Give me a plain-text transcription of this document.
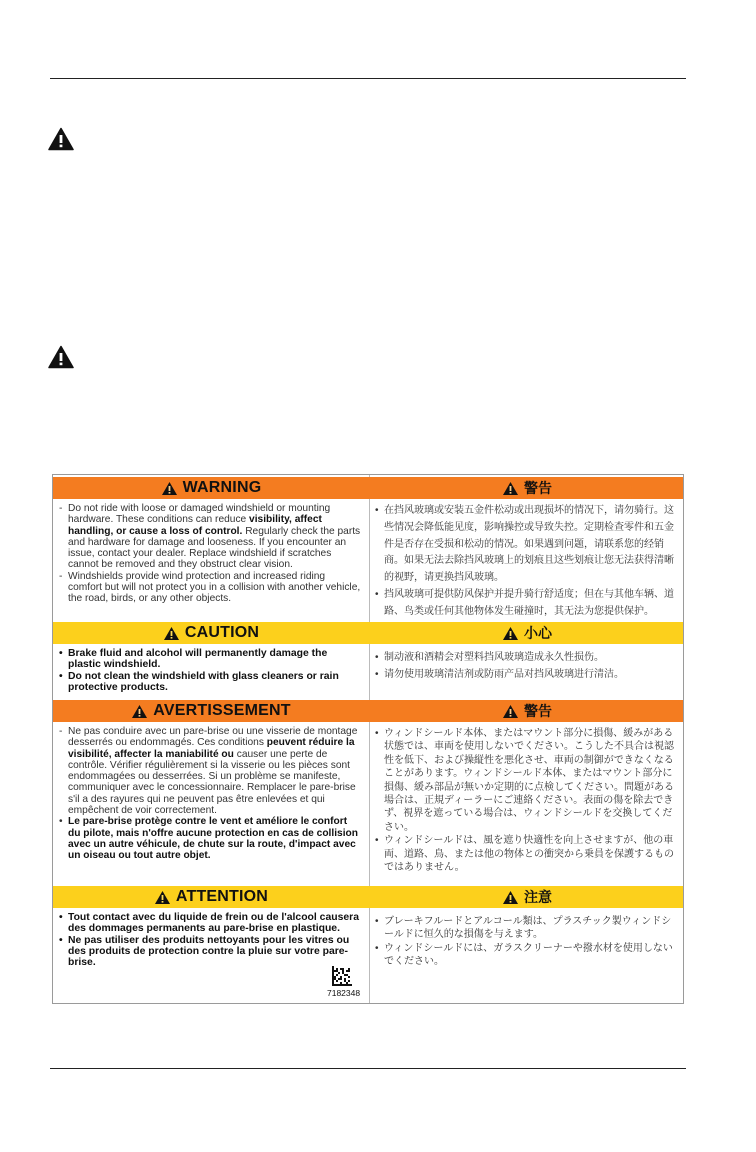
WARNING

- Do not ride with loose or damaged windshield or mounting hardware. These conditions can reduce visibility, affect handling, or cause a loss of control. Regularly check the parts and hardware for damage and looseness. If you encounter an issue, contact your dealer. Replace windshield if scratches cannot be removed and they obstruct clear vision.

- Windshields provide wind protection and increased riding comfort but will not protect you in a collision with another vehicle, the road, birds, or any other objects.

CAUTION

• Brake fluid and alcohol will permanently damage the plastic windshield.

• Do not clean the windshield with glass cleaners or rain protective products.

AVERTISSEMENT

- Ne pas conduire avec un pare-brise ou une visserie de montage desserrés ou endommagés. Ces conditions peuvent réduire la visibilité, affecter la maniabilité ou causer une perte de contrôle. Vérifier régulièrement si la visserie ou les pièces sont endommagées ou desserrées. Si un problème se manifeste, communiquer avec le concessionnaire. Remplacer le pare-brise s'il a des rayures qui ne peuvent pas être enlevées et qui empêchent de voir correctement.

• Le pare-brise protège contre le vent et améliore le confort du pilote, mais n'offre aucune protection en cas de collision avec un autre véhicule, de chute sur la route, d'impact avec un oiseau ou tout autre objet.

ATTENTION

• Tout contact avec du liquide de frein ou de l'alcool causera des dommages permanents au pare-brise en plastique.

• Ne pas utiliser des produits nettoyants pour les vitres ou des produits de protection contre la pluie sur votre pare-brise.

7182348
警告

• 在挡风玻璃或安装五金件松动或出现损坏的情况下，请勿骑行。这些情况会降低能见度，影响操控或导致失控。定期检查零件和五金件是否存在受损和松动的情况。如果遇到问题，请联系您的经销商。如果无法去除挡风玻璃上的划痕且这些划痕让您无法获得清晰的视野，请更换挡风玻璃。

• 挡风玻璃可提供防风保护并提升骑行舒适度；但在与其他车辆、道路、鸟类或任何其他物体发生碰撞时，其无法为您提供保护。

小心

• 制动液和酒精会对塑料挡风玻璃造成永久性损伤。

• 请勿使用玻璃清洁剂或防雨产品对挡风玻璃进行清洁。

警告

• ウィンドシールド本体、またはマウント部分に損傷、緩みがある状態では、車両を使用しないでください。こうした不具合は視認性を低下、および操縦性を悪化させ、車両の制御ができなくなることがあります。ウィンドシールド本体、またはマウント部分に損傷、緩み部品が無いか定期的に点検してください。問題がある場合は、正規ディーラーにご連絡ください。表面の傷を除去できず、視界を遮っている場合は、ウィンドシールドを交換してください。

• ウィンドシールドは、風を遮り快適性を向上させますが、他の車両、道路、鳥、または他の物体との衝突から乗員を保護するものではありません。

注意

• ブレーキフルードとアルコール類は、プラスチック製ウィンドシールドに恒久的な損傷を与えます。

• ウィンドシールドには、ガラスクリーナーや撥水材を使用しないでください。
